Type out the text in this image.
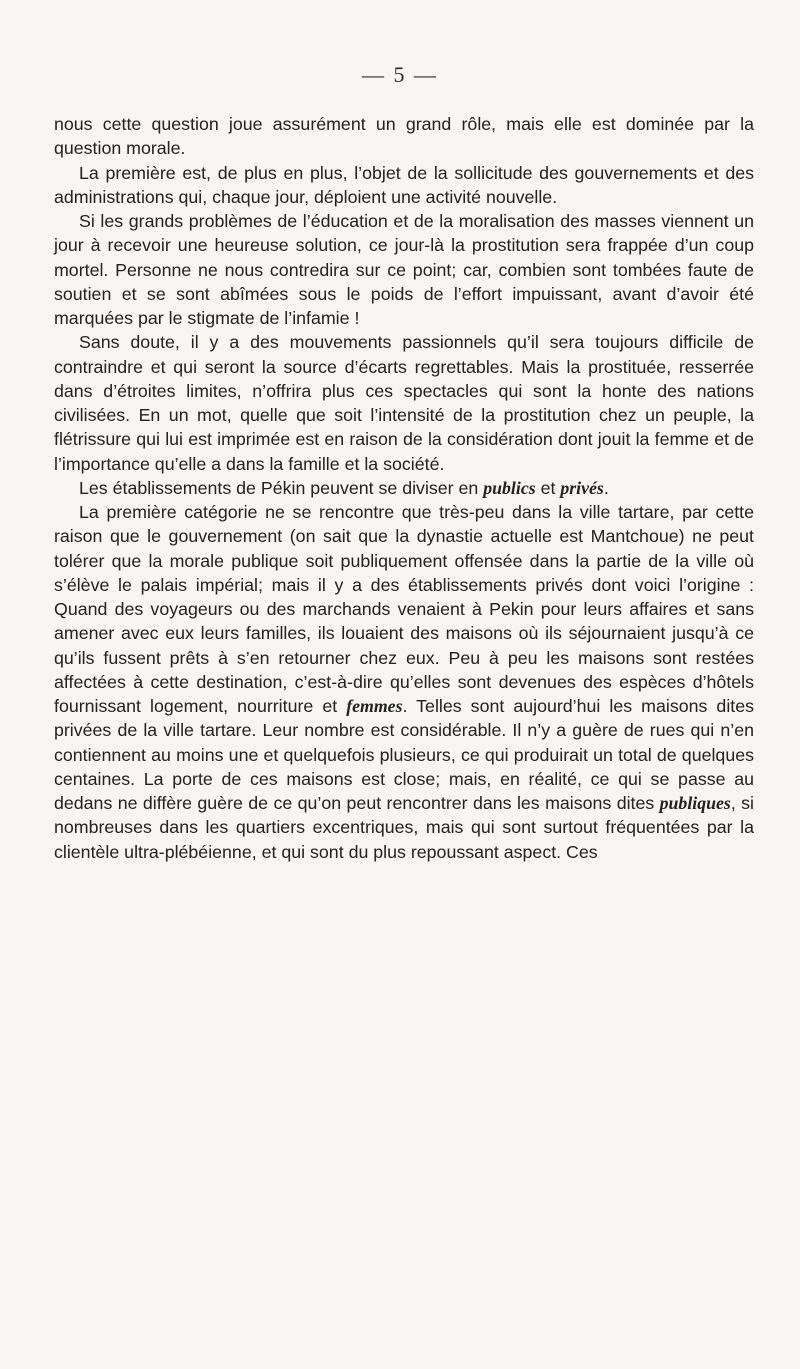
— 5 —

nous cette question joue assurément un grand rôle, mais elle est dominée par la question morale.

La première est, de plus en plus, l’objet de la sollicitude des gouvernements et des administrations qui, chaque jour, déploient une activité nouvelle.

Si les grands problèmes de l’éducation et de la moralisation des masses viennent un jour à recevoir une heureuse solution, ce jour-là la prostitution sera frappée d’un coup mortel. Personne ne nous contredira sur ce point; car, combien sont tombées faute de soutien et se sont abîmées sous le poids de l’effort impuissant, avant d’avoir été marquées par le stigmate de l’infamie !

Sans doute, il y a des mouvements passionnels qu’il sera toujours difficile de contraindre et qui seront la source d’écarts regrettables. Mais la prostituée, resserrée dans d’étroites limites, n’offrira plus ces spectacles qui sont la honte des nations civilisées. En un mot, quelle que soit l’intensité de la prostitution chez un peuple, la flétrissure qui lui est imprimée est en raison de la considération dont jouit la femme et de l’importance qu’elle a dans la famille et la société.

Les établissements de Pékin peuvent se diviser en publics et privés.

La première catégorie ne se rencontre que très-peu dans la ville tartare, par cette raison que le gouvernement (on sait que la dynastie actuelle est Mantchoue) ne peut tolérer que la morale publique soit publiquement offensée dans la partie de la ville où s’élève le palais impérial; mais il y a des établissements privés dont voici l’origine : Quand des voyageurs ou des marchands venaient à Pekin pour leurs affaires et sans amener avec eux leurs familles, ils louaient des maisons où ils séjournaient jusqu’à ce qu’ils fussent prêts à s’en retourner chez eux. Peu à peu les maisons sont restées affectées à cette destination, c’est-à-dire qu’elles sont devenues des espèces d’hôtels fournissant logement, nourriture et femmes. Telles sont aujourd’hui les maisons dites privées de la ville tartare. Leur nombre est considérable. Il n’y a guère de rues qui n’en contiennent au moins une et quelquefois plusieurs, ce qui produirait un total de quelques centaines. La porte de ces maisons est close; mais, en réalité, ce qui se passe au dedans ne diffère guère de ce qu’on peut rencontrer dans les maisons dites publiques, si nombreuses dans les quartiers excentriques, mais qui sont surtout fréquentées par la clientèle ultra-plébéienne, et qui sont du plus repoussant aspect. Ces
